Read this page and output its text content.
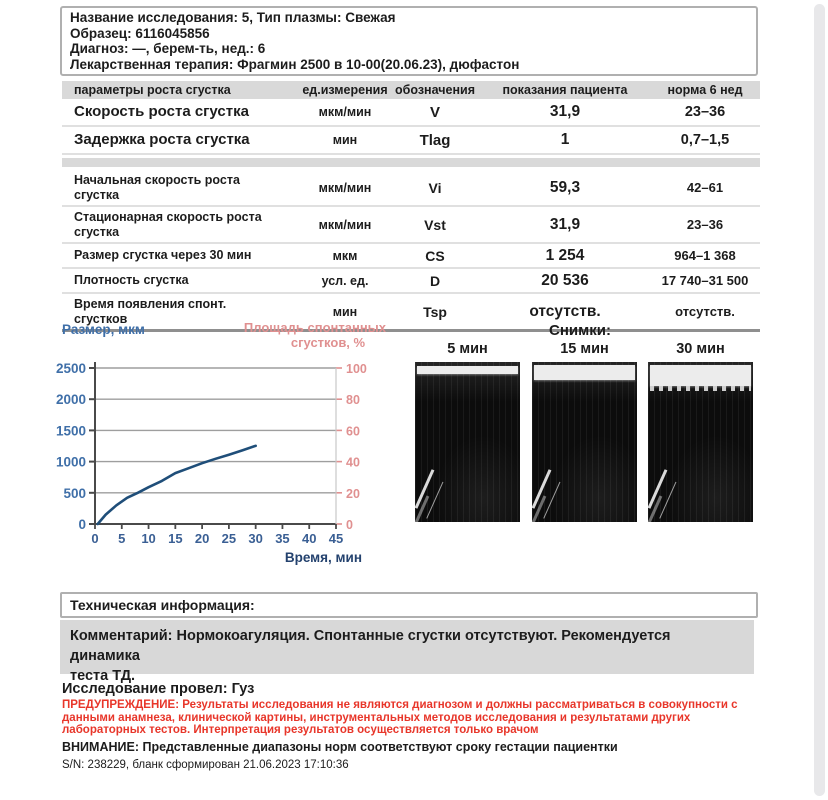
Название исследования: 5, Тип плазмы: Свежая
Образец: 6116045856
Диагноз: —, берем-ть, нед.: 6
Лекарственная терапия: Фрагмин 2500 в 10-00(20.06.23), дюфастон
параметры роста сгустка	ед.измерения обозначения	показания пациента	норма 6 нед
Скорость роста сгустка	мкм/мин	V	31,9	23–36
Задержка роста сгустка	мин	Tlag	1	0,7–1,5
Начальная скорость роста
сгустка	мкм/мин	Vi	59,3	42–61
Стационарная скорость роста
сгустка	мкм/мин	Vst	31,9	23–36
Размер сгустка через 30 мин	мкм	CS	1 254	964–1 368
Плотность сгустка	усл. ед.	D	20 536	17 740–31 500
Время появления спонт.
сгустков	мин	Tsp	отсутств.	отсутств.
Размер, мкм	Площадь спонтанных
сгустков, %
0
500
1000
1500
2000
2500
0
20
40
60
80
100
0 5 10 15 20 25 30 35 40 45
Время, мин
Снимки:
5 мин	15 мин	30 мин
Техническая информация:
Комментарий: Нормокоагуляция. Спонтанные сгустки отсутствуют. Рекомендуется динамика
теста ТД.
Исследование провел: Гуз
ПРЕДУПРЕЖДЕНИЕ: Результаты исследования не являются диагнозом и должны рассматриваться в совокупности с
данными анамнеза, клинической картины, инструментальных методов исследования и результатами других
лабораторных тестов. Интерпретация результатов осуществляется только врачом
ВНИМАНИЕ: Представленные диапазоны норм соответствуют сроку гестации пациентки
S/N: 238229, бланк сформирован 21.06.2023 17:10:36
